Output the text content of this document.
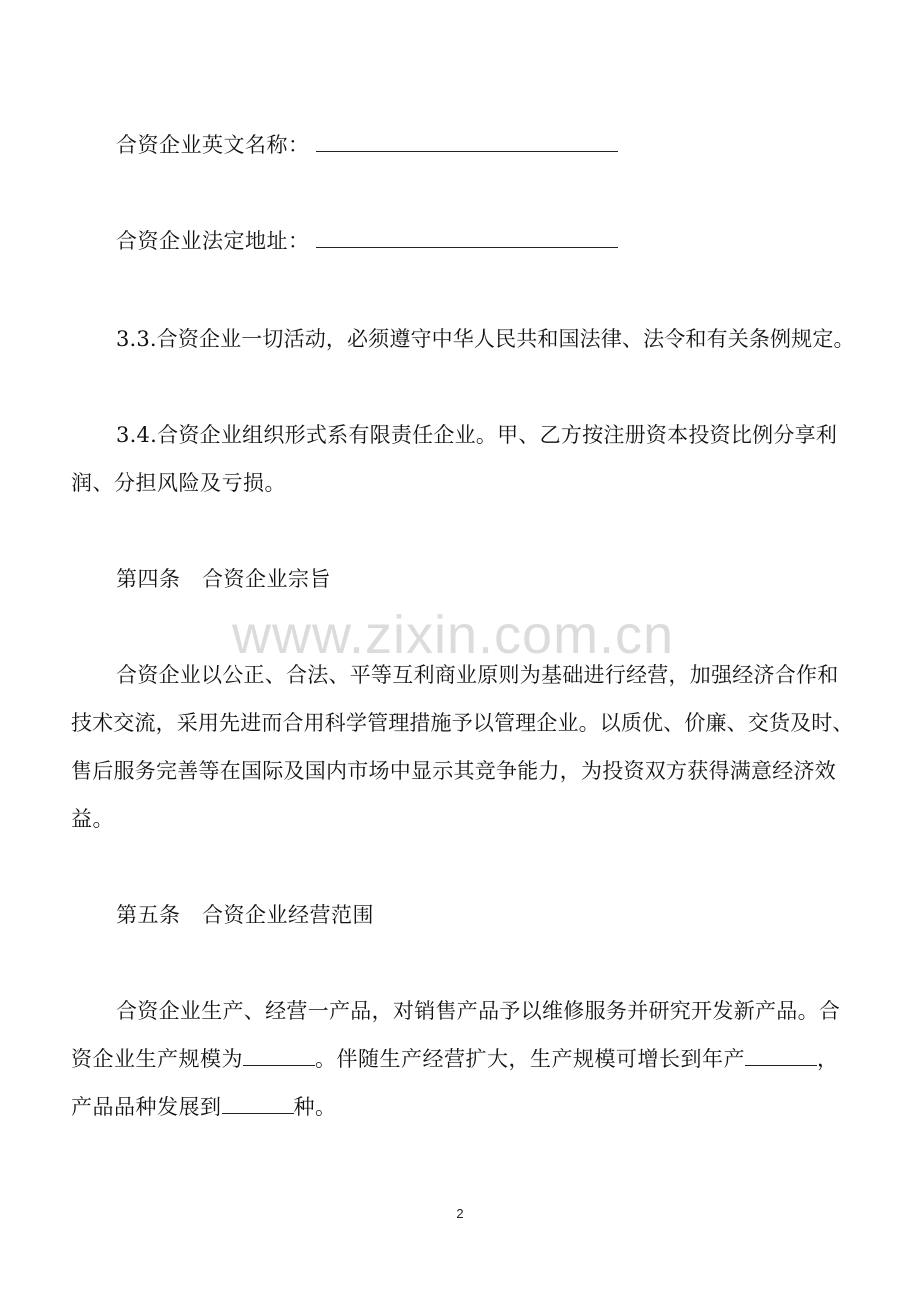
合资企业英文名称：
合资企业法定地址：
3.3.合资企业一切活动，必须遵守中华人民共和国法律、法令和有关条例规定。
3.4.合资企业组织形式系有限责任企业。甲、乙方按注册资本投资比例分享利
润、分担风险及亏损。
第四条　合资企业宗旨
www.zixin.com.cn
合资企业以公正、合法、平等互利商业原则为基础进行经营，加强经济合作和
技术交流，采用先进而合用科学管理措施予以管理企业。以质优、价廉、交货及时、
售后服务完善等在国际及国内市场中显示其竞争能力，为投资双方获得满意经济效
益。
第五条　合资企业经营范围
合资企业生产、经营一产品，对销售产品予以维修服务并研究开发新产品。合
资企业生产规模为	。伴随生产经营扩大，生产规模可增长到年产	，
产品品种发展到	种。
2
